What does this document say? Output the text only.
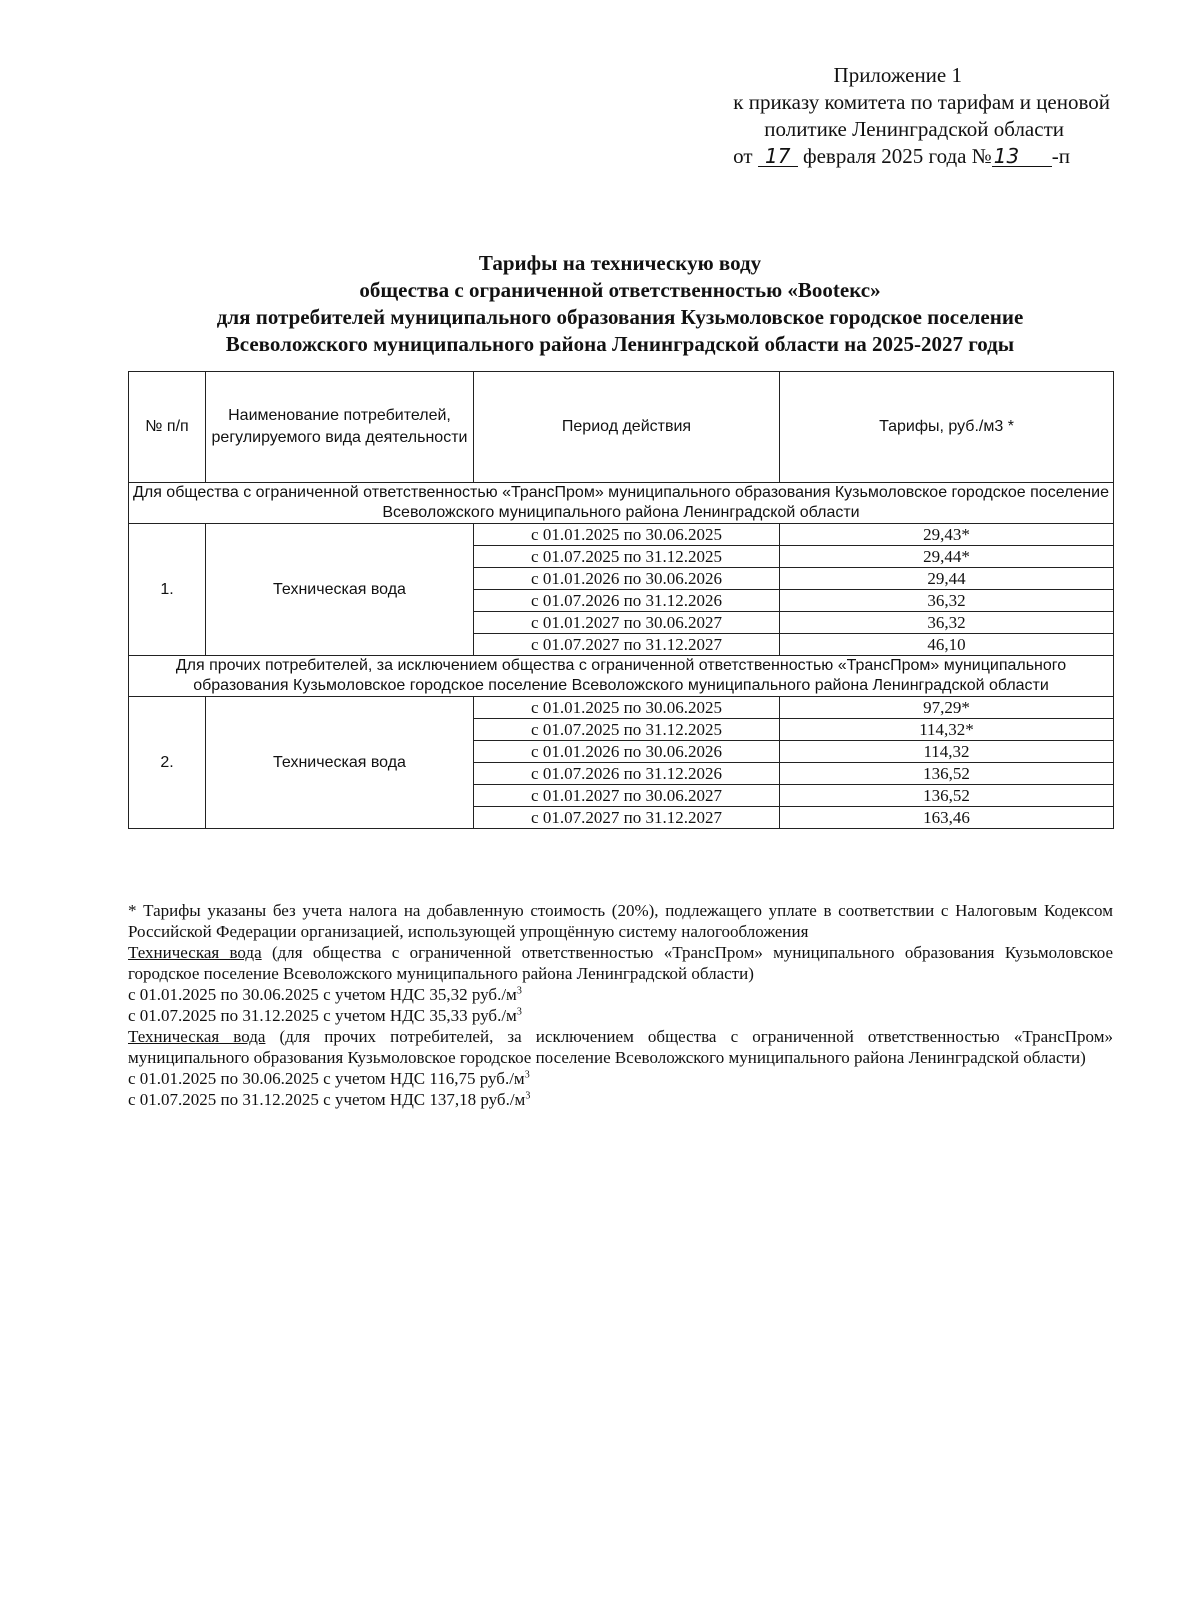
Приложение 1
к приказу комитета по тарифам и ценовой
политике Ленинградской области
от 17 февраля 2025 года № 13 -п
Тарифы на техническую воду
общества с ограниченной ответственностью «Вootекс»
для потребителей муниципального образования Кузьмоловское городское поселение
Всеволожского муниципального района Ленинградской области на 2025-2027 годы
№ п/п	Наименование потребителей, регулируемого вида деятельности	Период действия	Тарифы, руб./м3 *
Для общества с ограниченной ответственностью «ТрансПром» муниципального образования Кузьмоловское городское поселение Всеволожского муниципального района Ленинградской области			
1.	Техническая вода	с 01.01.2025 по 30.06.2025	29,43*
		с 01.07.2025 по 31.12.2025	29,44*
		с 01.01.2026 по 30.06.2026	29,44
		с 01.07.2026 по 31.12.2026	36,32
		с 01.01.2027 по 30.06.2027	36,32
		с 01.07.2027 по 31.12.2027	46,10
Для прочих потребителей, за исключением общества с ограниченной ответственностью «ТрансПром» муниципального образования Кузьмоловское городское поселение Всеволожского муниципального района Ленинградской области			
2.	Техническая вода	с 01.01.2025 по 30.06.2025	97,29*
		с 01.07.2025 по 31.12.2025	114,32*
		с 01.01.2026 по 30.06.2026	114,32
		с 01.07.2026 по 31.12.2026	136,52
		с 01.01.2027 по 30.06.2027	136,52
		с 01.07.2027 по 31.12.2027	163,46

* Тарифы указаны без учета налога на добавленную стоимость (20%), подлежащего уплате в соответствии с Налоговым Кодексом Российской Федерации организацией, использующей упрощённую систему налогообложения

Техническая вода (для общества с ограниченной ответственностью «ТрансПром» муниципального образования Кузьмоловское городское поселение Всеволожского муниципального района Ленинградской области)

с 01.01.2025 по 30.06.2025 с учетом НДС 35,32 $руб./м^3$

с 01.07.2025 по 31.12.2025 с учетом НДС 35,33 $руб./м^3$

Техническая вода (для прочих потребителей, за исключением общества с ограниченной ответственностью «ТрансПром» муниципального образования Кузьмоловское городское поселение Всеволожского муниципального района Ленинградской области)

с 01.01.2025 по 30.06.2025 с учетом НДС 116,75 $руб./м^3$

с 01.07.2025 по 31.12.2025 с учетом НДС 137,18 $руб./м^3$
